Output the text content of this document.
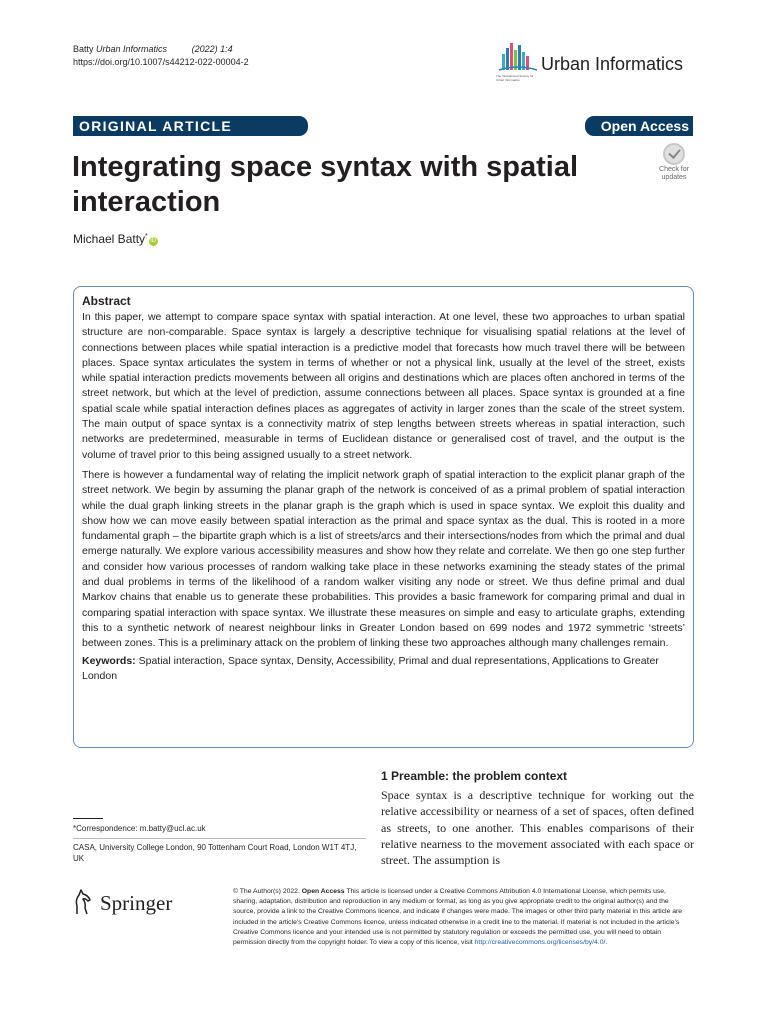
Batty Urban Informatics	(2022) 1:4
https://doi.org/10.1007/s44212-022-00004-2	Urban Informatics
The International Society for Urban Informatics
ORIGINAL ARTICLE	Open Access
Integrating space syntax with spatial interaction
Check for
updates
Michael Batty*iD
Abstract

In this paper, we attempt to compare space syntax with spatial interaction. At one level, these two approaches to urban spatial structure are non-comparable. Space syntax is largely a descriptive technique for visualising spatial relations at the level of connections between places while spatial interaction is a predictive model that forecasts how much travel there will be between places. Space syntax articulates the system in terms of whether or not a physical link, usually at the level of the street, exists while spatial interaction predicts movements between all origins and destinations which are places often anchored in terms of the street network, but which at the level of prediction, assume connections between all places. Space syntax is grounded at a fine spatial scale while spatial interaction defines places as aggregates of activity in larger zones than the scale of the street system. The main output of space syntax is a connectivity matrix of step lengths between streets whereas in spatial interaction, such networks are predetermined, measurable in terms of Euclidean distance or generalised cost of travel, and the output is the volume of travel prior to this being assigned usually to a street network.

There is however a fundamental way of relating the implicit network graph of spatial interaction to the explicit planar graph of the street network. We begin by assuming the planar graph of the network is conceived of as a primal problem of spatial interaction while the dual graph linking streets in the planar graph is the graph which is used in space syntax. We exploit this duality and show how we can move easily between spatial interaction as the primal and space syntax as the dual. This is rooted in a more fundamental graph – the bipartite graph which is a list of streets/arcs and their intersections/nodes from which the primal and dual emerge naturally. We explore various accessibility measures and show how they relate and correlate. We then go one step further and consider how various processes of random walking take place in these networks examining the steady states of the primal and dual problems in terms of the likelihood of a random walker visiting any node or street. We thus define primal and dual Markov chains that enable us to generate these probabilities. This provides a basic framework for comparing primal and dual in comparing spatial interaction with space syntax. We illustrate these measures on simple and easy to articulate graphs, extending this to a synthetic network of nearest neighbour links in Greater London based on 699 nodes and 1972 symmetric ‘streets’ between zones. This is a preliminary attack on the problem of linking these two approaches although many challenges remain.

Keywords: Spatial interaction, Space syntax, Density, Accessibility, Primal and dual representations, Applications to Greater London
1 Preamble: the problem context

Space syntax is a descriptive technique for working out the relative accessibility or nearness of a set of spaces, often defined as streets, to one another. This enables comparisons of their relative nearness to the movement associated with each space or street. The assumption is

*Correspondence: m.batty@ucl.ac.uk
CASA, University College London, 90 Tottenham Court Road, London W1T 4TJ, UK
Springer	© The Author(s) 2022. Open Access This article is licensed under a Creative Commons Attribution 4.0 International License, which permits use, sharing, adaptation, distribution and reproduction in any medium or format, as long as you give appropriate credit to the original author(s) and the source, provide a link to the Creative Commons licence, and indicate if changes were made. The images or other third party material in this article are included in the article’s Creative Commons licence, unless indicated otherwise in a credit line to the material. If material is not included in the article’s Creative Commons licence and your intended use is not permitted by statutory regulation or exceeds the permitted use, you will need to obtain permission directly from the copyright holder. To view a copy of this licence, visit http://creativecommons.org/licenses/by/4.0/.
